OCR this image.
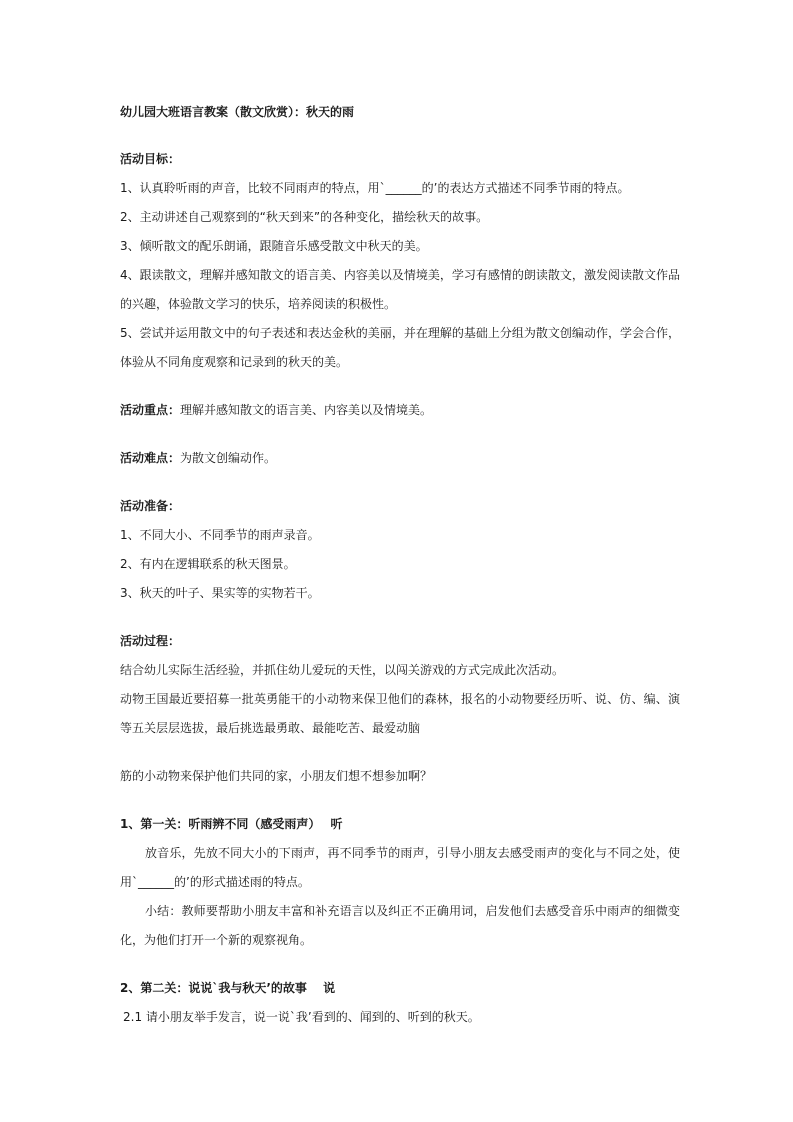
幼儿园大班语言教案（散文欣赏）：秋天的雨
活动目标：
1、认真聆听雨的声音，比较不同雨声的特点，用`______的’的表达方式描述不同季节雨的特点。
2、主动讲述自己观察到的“秋天到来”的各种变化，描绘秋天的故事。
3、倾听散文的配乐朗诵，跟随音乐感受散文中秋天的美。
4、跟读散文，理解并感知散文的语言美、内容美以及情境美，学习有感情的朗读散文，激发阅读散文作品
的兴趣，体验散文学习的快乐，培养阅读的积极性。
5、尝试并运用散文中的句子表述和表达金秋的美丽，并在理解的基础上分组为散文创编动作，学会合作，
体验从不同角度观察和记录到的秋天的美。
活动重点：理解并感知散文的语言美、内容美以及情境美。
活动难点：为散文创编动作。
活动准备：
1、不同大小、不同季节的雨声录音。
2、有内在逻辑联系的秋天图景。
3、秋天的叶子、果实等的实物若干。
活动过程：
结合幼儿实际生活经验，并抓住幼儿爱玩的天性，以闯关游戏的方式完成此次活动。
动物王国最近要招募一批英勇能干的小动物来保卫他们的森林，报名的小动物要经历听、说、仿、编、演
等五关层层选拔，最后挑选最勇敢、最能吃苦、最爱动脑
筋的小动物来保护他们共同的家，小朋友们想不想参加啊？
1、第一关：听雨辨不同（感受雨声）　 听
放音乐，先放不同大小的下雨声，再不同季节的雨声，引导小朋友去感受雨声的变化与不同之处，使
用`______的’的形式描述雨的特点。
小结：教师要帮助小朋友丰富和补充语言以及纠正不正确用词，启发他们去感受音乐中雨声的细微变
化，为他们打开一个新的观察视角。
2、第二关：说说`我与秋天’的故事　 说
2.1 请小朋友举手发言，说一说`我’看到的、闻到的、听到的秋天。
